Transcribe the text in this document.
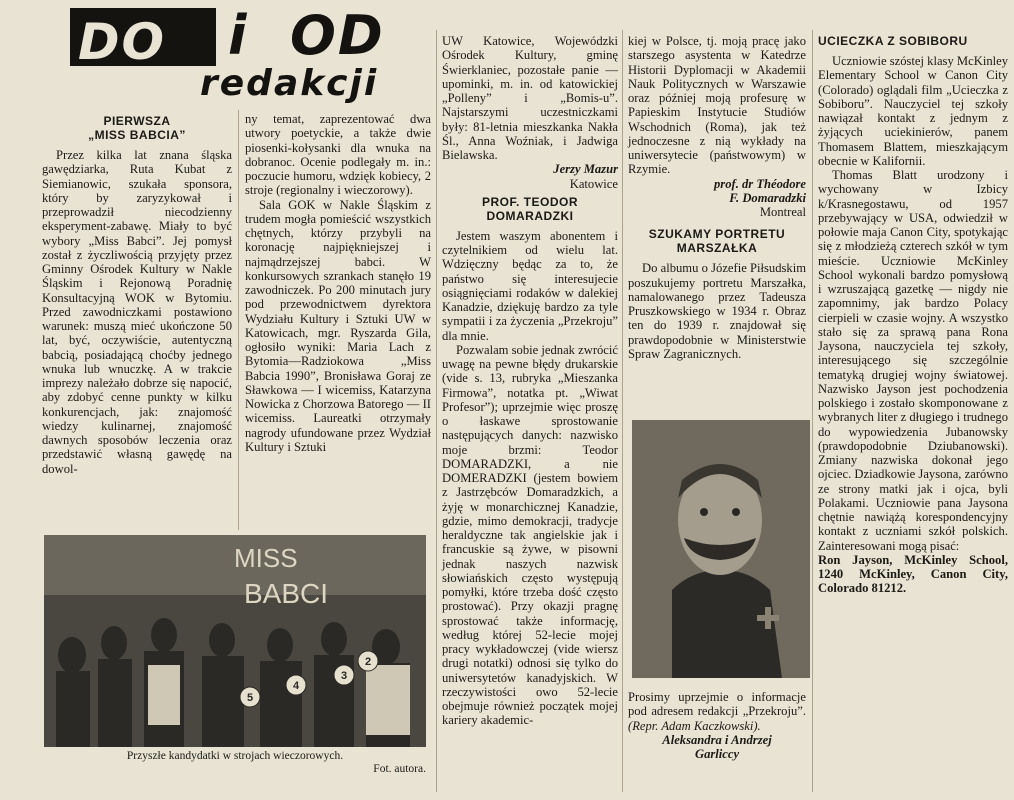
DO i OD
redakcji
PIERWSZA
„MISS BABCIA”

Przez kilka lat znana śląska gawędziarka, Ruta Kubat z Siemianowic, szukała sponsora, który by zaryzykował i przeprowadził niecodzienny eksperyment-zabawę. Miały to być wybory „Miss Babci”. Jej pomysł został z życzliwością przyjęty przez Gminny Ośrodek Kultury w Nakle Śląskim i Rejonową Poradnię Konsultacyjną WOK w Bytomiu. Przed zawodniczkami postawiono warunek: muszą mieć ukończone 50 lat, być, oczywiście, autentyczną babcią, posiadającą choćby jednego wnuka lub wnuczkę. A w trakcie imprezy należało dobrze się napocić, aby zdobyć cenne punkty w kilku konkurencjach, jak: znajomość wiedzy kulinarnej, znajomość dawnych sposobów leczenia oraz przedstawić własną gawędę na dowol-

ny temat, zaprezentować dwa utwory poetyckie, a także dwie piosenki-kołysanki dla wnuka na dobranoc. Ocenie podlegały m. in.: poczucie humoru, wdzięk kobiecy, 2 stroje (regionalny i wieczorowy).

Sala GOK w Nakle Śląskim z trudem mogła pomieścić wszystkich chętnych, którzy przybyli na koronację najpiękniejszej i najmądrzejszej babci. W konkursowych szrankach stanęło 19 zawodniczek. Po 200 minutach jury pod przewodnictwem dyrektora Wydziału Kultury i Sztuki UW w Katowicach, mgr. Ryszarda Gila, ogłosiło wyniki: Maria Lach z Bytomia—Radziokowa „Miss Babcia 1990”, Bronisława Goraj ze Sławkowa — I wicemiss, Katarzyna Nowicka z Chorzowa Batorego — II wicemiss. Laureatki otrzymały nagrody ufundowane przez Wydział Kultury i Sztuki

UW Katowice, Wojewódzki Ośrodek Kultury, gminę Świerklaniec, pozostałe panie — upominki, m. in. od katowickiej „Polleny” i „Bomis-u”. Najstarszymi uczestniczkami były: 81-letnia mieszkanka Nakła Śl., Anna Woźniak, i Jadwiga Bielawska.

Jerzy Mazur
Katowice
PROF. TEODOR
DOMARADZKI

Jestem waszym abonentem i czytelnikiem od wielu lat. Wdzięczny będąc za to, że państwo się interesujecie osiągnięciami rodaków w dalekiej Kanadzie, dziękuję bardzo za tyle sympatii i za życzenia „Przekroju” dla mnie.

Pozwalam sobie jednak zwrócić uwagę na pewne błędy drukarskie (vide s. 13, rubryka „Mieszanka Firmowa”, notatka pt. „Wiwat Profesor”); uprzejmie więc proszę o łaskawe sprostowanie następujących danych: nazwisko moje brzmi: Teodor DOMARADZKI, a nie DOMERADZKI (jestem bowiem z Jastrzębców Domaradzkich, a żyję w monarchicznej Kanadzie, gdzie, mimo demokracji, tradycje heraldyczne tak angielskie jak i francuskie są żywe, w pisowni jednak naszych nazwisk słowiańskich często występują pomyłki, które trzeba dość często prostować). Przy okazji pragnę sprostować także informację, według której 52-lecie mojej pracy wykładowczej (vide wiersz drugi notatki) odnosi się tylko do uniwersytetów kanadyjskich. W rzeczywistości owo 52-lecie obejmuje również początek mojej kariery akademic-

kiej w Polsce, tj. moją pracę jako starszego asystenta w Katedrze Historii Dyplomacji w Akademii Nauk Politycznych w Warszawie oraz później moją profesurę w Papieskim Instytucie Studiów Wschodnich (Roma), jak też jednoczesne z nią wykłady na uniwersytecie (państwowym) w Rzymie.

prof. dr Théodore
F. Domaradzki
Montreal
SZUKAMY PORTRETU
MARSZAŁKA

Do albumu o Józefie Piłsudskim poszukujemy portretu Marszałka, namalowanego przez Tadeusza Pruszkowskiego w 1934 r. Obraz ten do 1939 r. znajdował się prawdopodobnie w Ministerstwie Spraw Zagranicznych.

Prosimy uprzejmie o informacje pod adresem redakcji „Przekroju”. (Repr. Adam Kaczkowski).

Aleksandra i Andrzej
Garliccy
UCIECZKA Z SOBIBORU

Uczniowie szóstej klasy McKinley Elementary School w Canon City (Colorado) oglądali film „Ucieczka z Sobiboru”. Nauczyciel tej szkoły nawiązał kontakt z jednym z żyjących uciekinierów, panem Thomasem Blattem, mieszkającym obecnie w Kalifornii.

Thomas Blatt urodzony i wychowany w Izbicy k/Krasnegostawu, od 1957 przebywający w USA, odwiedził w połowie maja Canon City, spotykając się z młodzieżą czterech szkół w tym mieście. Uczniowie McKinley School wykonali bardzo pomysłową i wzruszającą gazetkę — nigdy nie zapomnimy, jak bardzo Polacy cierpieli w czasie wojny. A wszystko stało się za sprawą pana Rona Jaysona, nauczyciela tej szkoły, interesującego się szczególnie tematyką drugiej wojny światowej. Nazwisko Jayson jest pochodzenia polskiego i zostało skomponowane z wybranych liter z długiego i trudnego do wypowiedzenia Jubanowsky (prawdopodobnie Dziubanowski). Zmiany nazwiska dokonał jego ojciec. Dziadkowie Jaysona, zarówno ze strony matki jak i ojca, byli Polakami. Uczniowie pana Jaysona chętnie nawiążą korespondencyjny kontakt z uczniami szkół polskich. Zainteresowani mogą pisać:

Ron Jayson, McKinley School, 1240 McKinley, Canon City, Colorado 81212.

MISS
BABCI
5
4
3
2
Przyszłe kandydatki w strojach wieczorowych.
Fot. autora.
